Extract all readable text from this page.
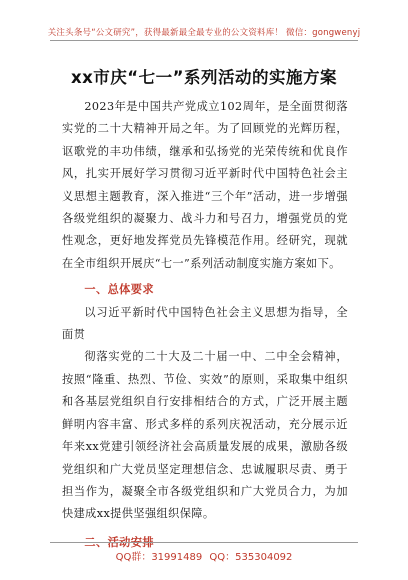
关注头条号“公文研究”，获得最新最全最专业的公文资料库！ 微信：gongwenyj
xx市庆“七一”系列活动的实施方案

2023年是中国共产党成立102周年，是全面贯彻落实党的二十大精神开局之年。为了回顾党的光辉历程，讴歌党的丰功伟绩，继承和弘扬党的光荣传统和优良作风，扎实开展好学习贯彻习近平新时代中国特色社会主义思想主题教育，深入推进“三个年”活动，进一步增强各级党组织的凝聚力、战斗力和号召力，增强党员的党性观念，更好地发挥党员先锋模范作用。经研究，现就在全市组织开展庆“七一”系列活动制度实施方案如下。

一、总体要求

以习近平新时代中国特色社会主义思想为指导，全面贯

彻落实党的二十大及二十届一中、二中全会精神，按照“隆重、热烈、节俭、实效”的原则，采取集中组织和各基层党组织自行安排相结合的方式，广泛开展主题鲜明内容丰富、形式多样的系列庆祝活动，充分展示近年来xx党建引领经济社会高质量发展的成果，激励各级党组织和广大党员坚定理想信念、忠诚履职尽责、勇于担当作为，凝聚全市各级党组织和广大党员合力，为加快建成xx提供坚强组织保障。

二、活动安排

QQ群：31991489 QQ：535304092
